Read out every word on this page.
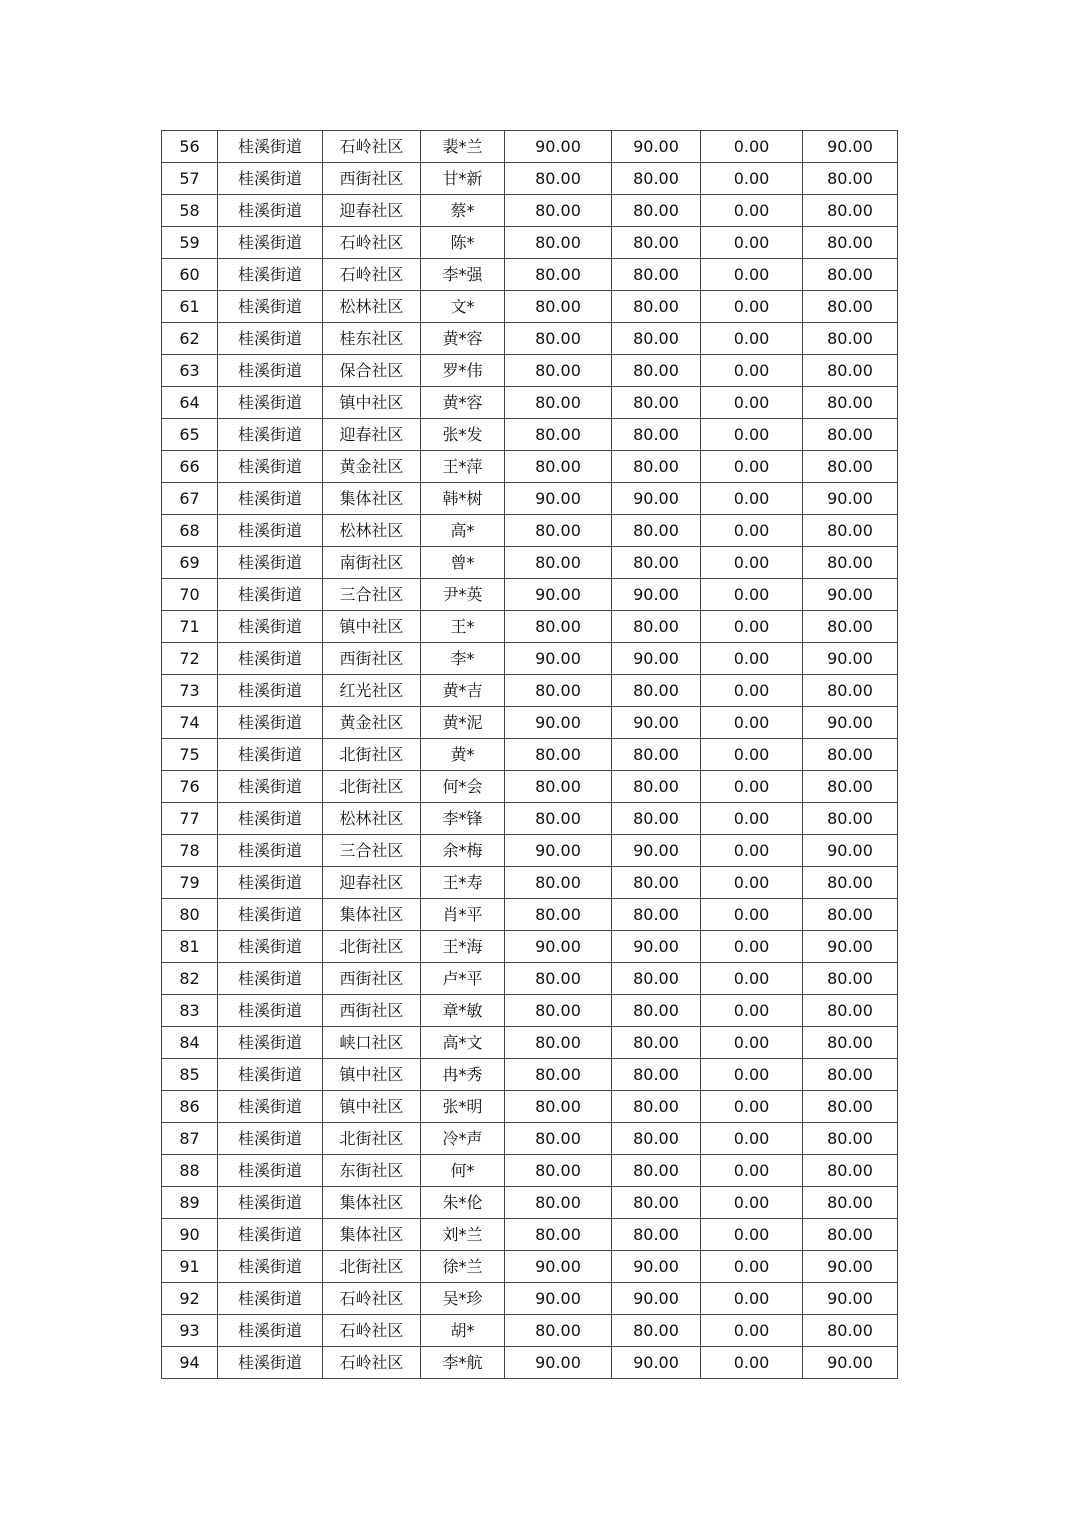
56	桂溪街道	石岭社区	裴*兰	90.00	90.00	0.00	90.00
57	桂溪街道	西街社区	甘*新	80.00	80.00	0.00	80.00
58	桂溪街道	迎春社区	蔡*	80.00	80.00	0.00	80.00
59	桂溪街道	石岭社区	陈*	80.00	80.00	0.00	80.00
60	桂溪街道	石岭社区	李*强	80.00	80.00	0.00	80.00
61	桂溪街道	松林社区	文*	80.00	80.00	0.00	80.00
62	桂溪街道	桂东社区	黄*容	80.00	80.00	0.00	80.00
63	桂溪街道	保合社区	罗*伟	80.00	80.00	0.00	80.00
64	桂溪街道	镇中社区	黄*容	80.00	80.00	0.00	80.00
65	桂溪街道	迎春社区	张*发	80.00	80.00	0.00	80.00
66	桂溪街道	黄金社区	王*萍	80.00	80.00	0.00	80.00
67	桂溪街道	集体社区	韩*树	90.00	90.00	0.00	90.00
68	桂溪街道	松林社区	高*	80.00	80.00	0.00	80.00
69	桂溪街道	南街社区	曾*	80.00	80.00	0.00	80.00
70	桂溪街道	三合社区	尹*英	90.00	90.00	0.00	90.00
71	桂溪街道	镇中社区	王*	80.00	80.00	0.00	80.00
72	桂溪街道	西街社区	李*	90.00	90.00	0.00	90.00
73	桂溪街道	红光社区	黄*吉	80.00	80.00	0.00	80.00
74	桂溪街道	黄金社区	黄*泥	90.00	90.00	0.00	90.00
75	桂溪街道	北街社区	黄*	80.00	80.00	0.00	80.00
76	桂溪街道	北街社区	何*会	80.00	80.00	0.00	80.00
77	桂溪街道	松林社区	李*锋	80.00	80.00	0.00	80.00
78	桂溪街道	三合社区	余*梅	90.00	90.00	0.00	90.00
79	桂溪街道	迎春社区	王*寿	80.00	80.00	0.00	80.00
80	桂溪街道	集体社区	肖*平	80.00	80.00	0.00	80.00
81	桂溪街道	北街社区	王*海	90.00	90.00	0.00	90.00
82	桂溪街道	西街社区	卢*平	80.00	80.00	0.00	80.00
83	桂溪街道	西街社区	章*敏	80.00	80.00	0.00	80.00
84	桂溪街道	峡口社区	高*文	80.00	80.00	0.00	80.00
85	桂溪街道	镇中社区	冉*秀	80.00	80.00	0.00	80.00
86	桂溪街道	镇中社区	张*明	80.00	80.00	0.00	80.00
87	桂溪街道	北街社区	冷*声	80.00	80.00	0.00	80.00
88	桂溪街道	东街社区	何*	80.00	80.00	0.00	80.00
89	桂溪街道	集体社区	朱*伦	80.00	80.00	0.00	80.00
90	桂溪街道	集体社区	刘*兰	80.00	80.00	0.00	80.00
91	桂溪街道	北街社区	徐*兰	90.00	90.00	0.00	90.00
92	桂溪街道	石岭社区	吴*珍	90.00	90.00	0.00	90.00
93	桂溪街道	石岭社区	胡*	80.00	80.00	0.00	80.00
94	桂溪街道	石岭社区	李*航	90.00	90.00	0.00	90.00
